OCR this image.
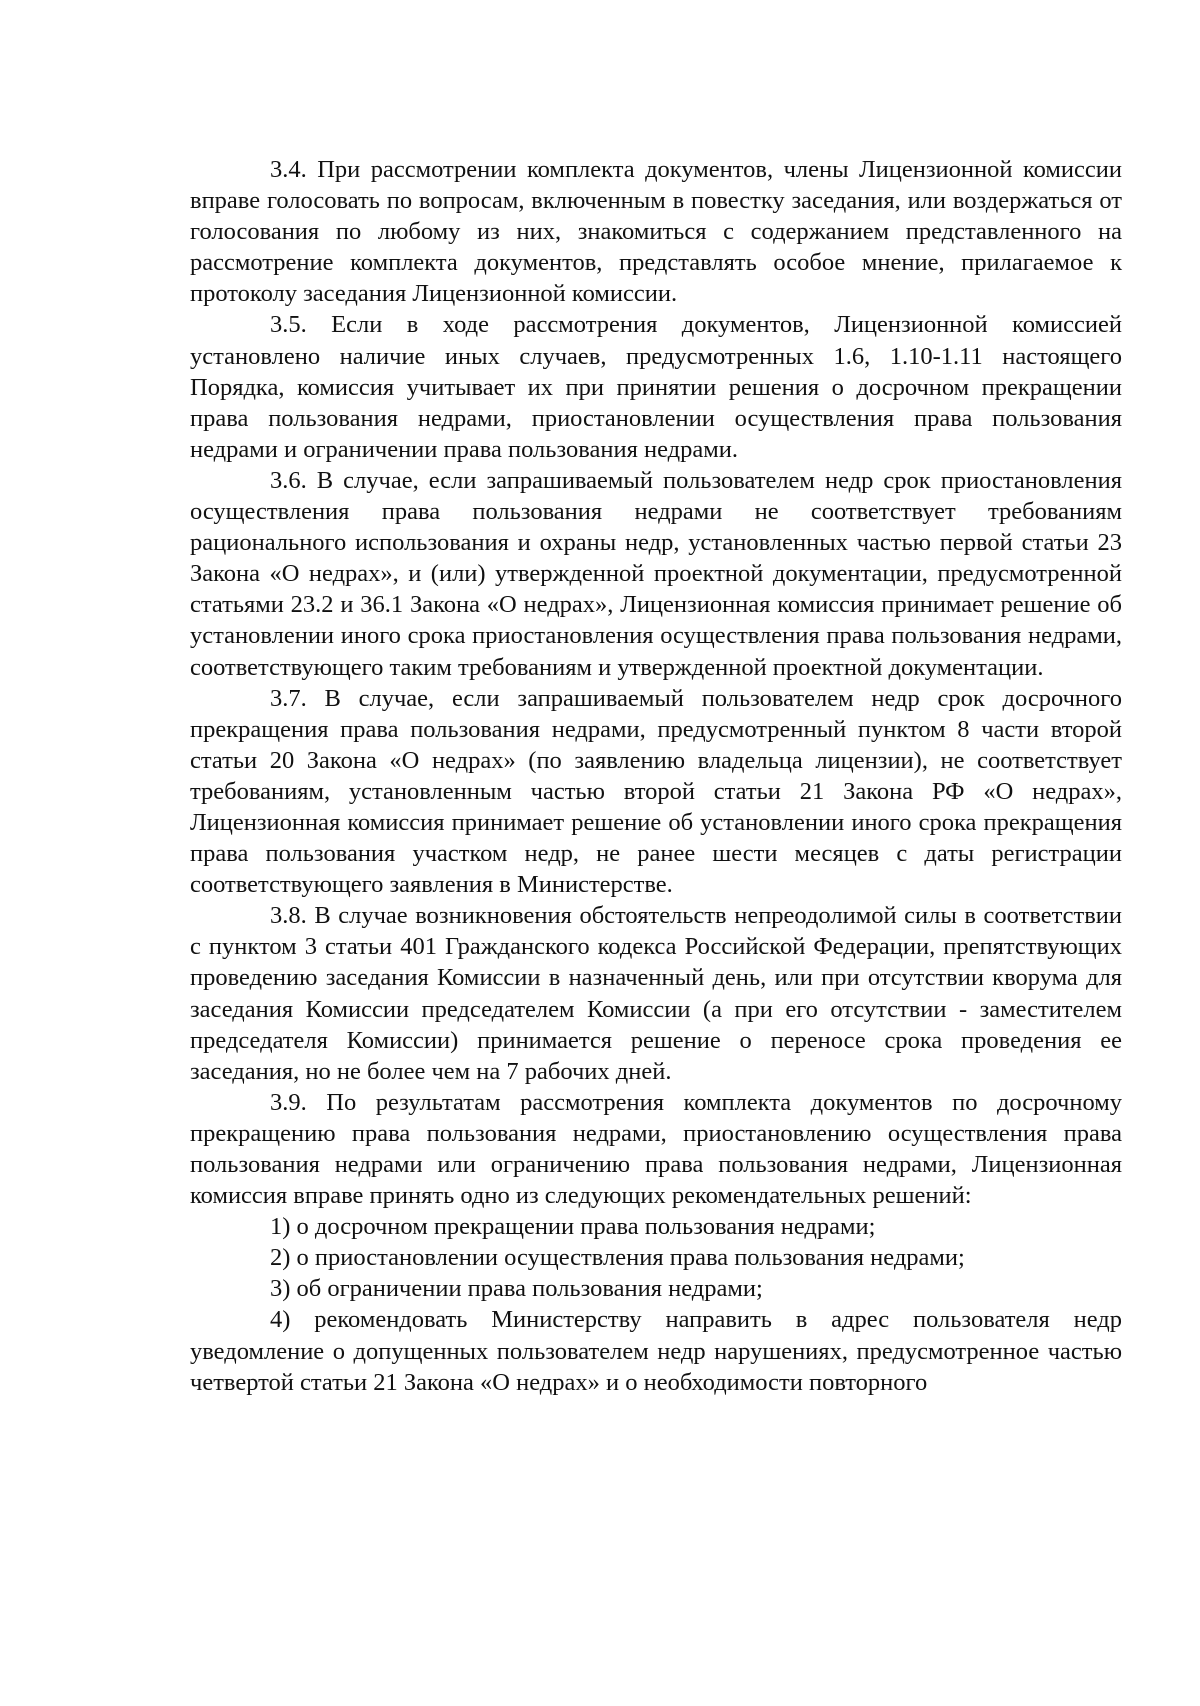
3.4. При рассмотрении комплекта документов, члены Лицензионной комиссии вправе голосовать по вопросам, включенным в повестку заседания, или воздержаться от голосования по любому из них, знакомиться с содержанием представленного на рассмотрение комплекта документов, представлять особое мнение, прилагаемое к протоколу заседания Лицензионной комиссии.

3.5. Если в ходе рассмотрения документов, Лицензионной комиссией установлено наличие иных случаев, предусмотренных 1.6, 1.10-1.11 настоящего Порядка, комиссия учитывает их при принятии решения о досрочном прекращении права пользования недрами, приостановлении осуществления права пользования недрами и ограничении права пользования недрами.

3.6. В случае, если запрашиваемый пользователем недр срок приостановления осуществления права пользования недрами не соответствует требованиям рационального использования и охраны недр, установленных частью первой статьи 23 Закона «О недрах», и (или) утвержденной проектной документации, предусмотренной статьями 23.2 и 36.1 Закона «О недрах», Лицензионная комиссия принимает решение об установлении иного срока приостановления осуществления права пользования недрами, соответствующего таким требованиям и утвержденной проектной документации.

3.7. В случае, если запрашиваемый пользователем недр срок досрочного прекращения права пользования недрами, предусмотренный пунктом 8 части второй статьи 20 Закона «О недрах» (по заявлению владельца лицензии), не соответствует требованиям, установленным частью второй статьи 21 Закона РФ «О недрах», Лицензионная комиссия принимает решение об установлении иного срока прекращения права пользования участком недр, не ранее шести месяцев с даты регистрации соответствующего заявления в Министерстве.

3.8. В случае возникновения обстоятельств непреодолимой силы в соответствии с пунктом 3 статьи 401 Гражданского кодекса Российской Федерации, препятствующих проведению заседания Комиссии в назначенный день, или при отсутствии кворума для заседания Комиссии председателем Комиссии (а при его отсутствии - заместителем председателя Комиссии) принимается решение о переносе срока проведения ее заседания, но не более чем на 7 рабочих дней.

3.9. По результатам рассмотрения комплекта документов по досрочному прекращению права пользования недрами, приостановлению осуществления права пользования недрами или ограничению права пользования недрами, Лицензионная комиссия вправе принять одно из следующих рекомендательных решений:

1) о досрочном прекращении права пользования недрами;

2) о приостановлении осуществления права пользования недрами;

3) об ограничении права пользования недрами;

4) рекомендовать Министерству направить в адрес пользователя недр уведомление о допущенных пользователем недр нарушениях, предусмотренное частью четвертой статьи 21 Закона «О недрах» и о необходимости повторного
